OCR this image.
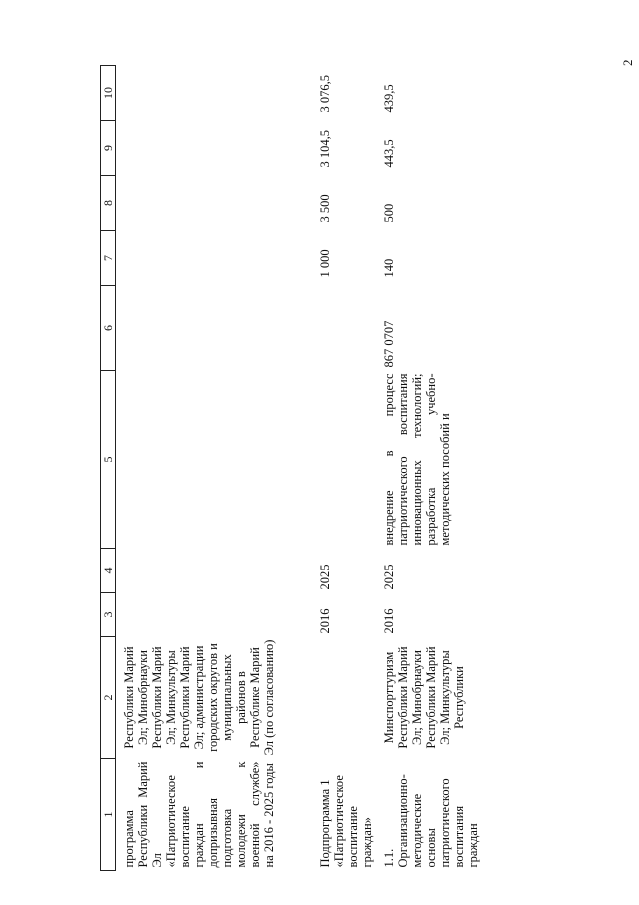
2
1	2	3	4	5	6	7	8	9	10
программа Республики Марий Эл «Патриотическое воспитание граждан и допризывная подготовка молодежи к военной службе» на 2016 - 2025 годы	Республики Марий Эл; Минобрнауки Республики Марий Эл; Минкультуры Республики Марий Эл; администрации городских округов и муниципальных районов в Республике Марий Эл (по согласованию)								
Подпрограмма 1 «Патриотическое воспитание граждан»		2016	2025			1 000	3 500	3 104,5	3 076,5
1.1. Организационно-методические основы патриотического воспитания граждан	Минспорттуризм Республики Марий Эл; Минобрнауки Республики Марий Эл; Минкультуры Республики	2016	2025	внедрение в процесс патриотического воспитания инновационных технологий; разработка учебно-методических пособий и	867 0707	140	500	443,5	439,5
